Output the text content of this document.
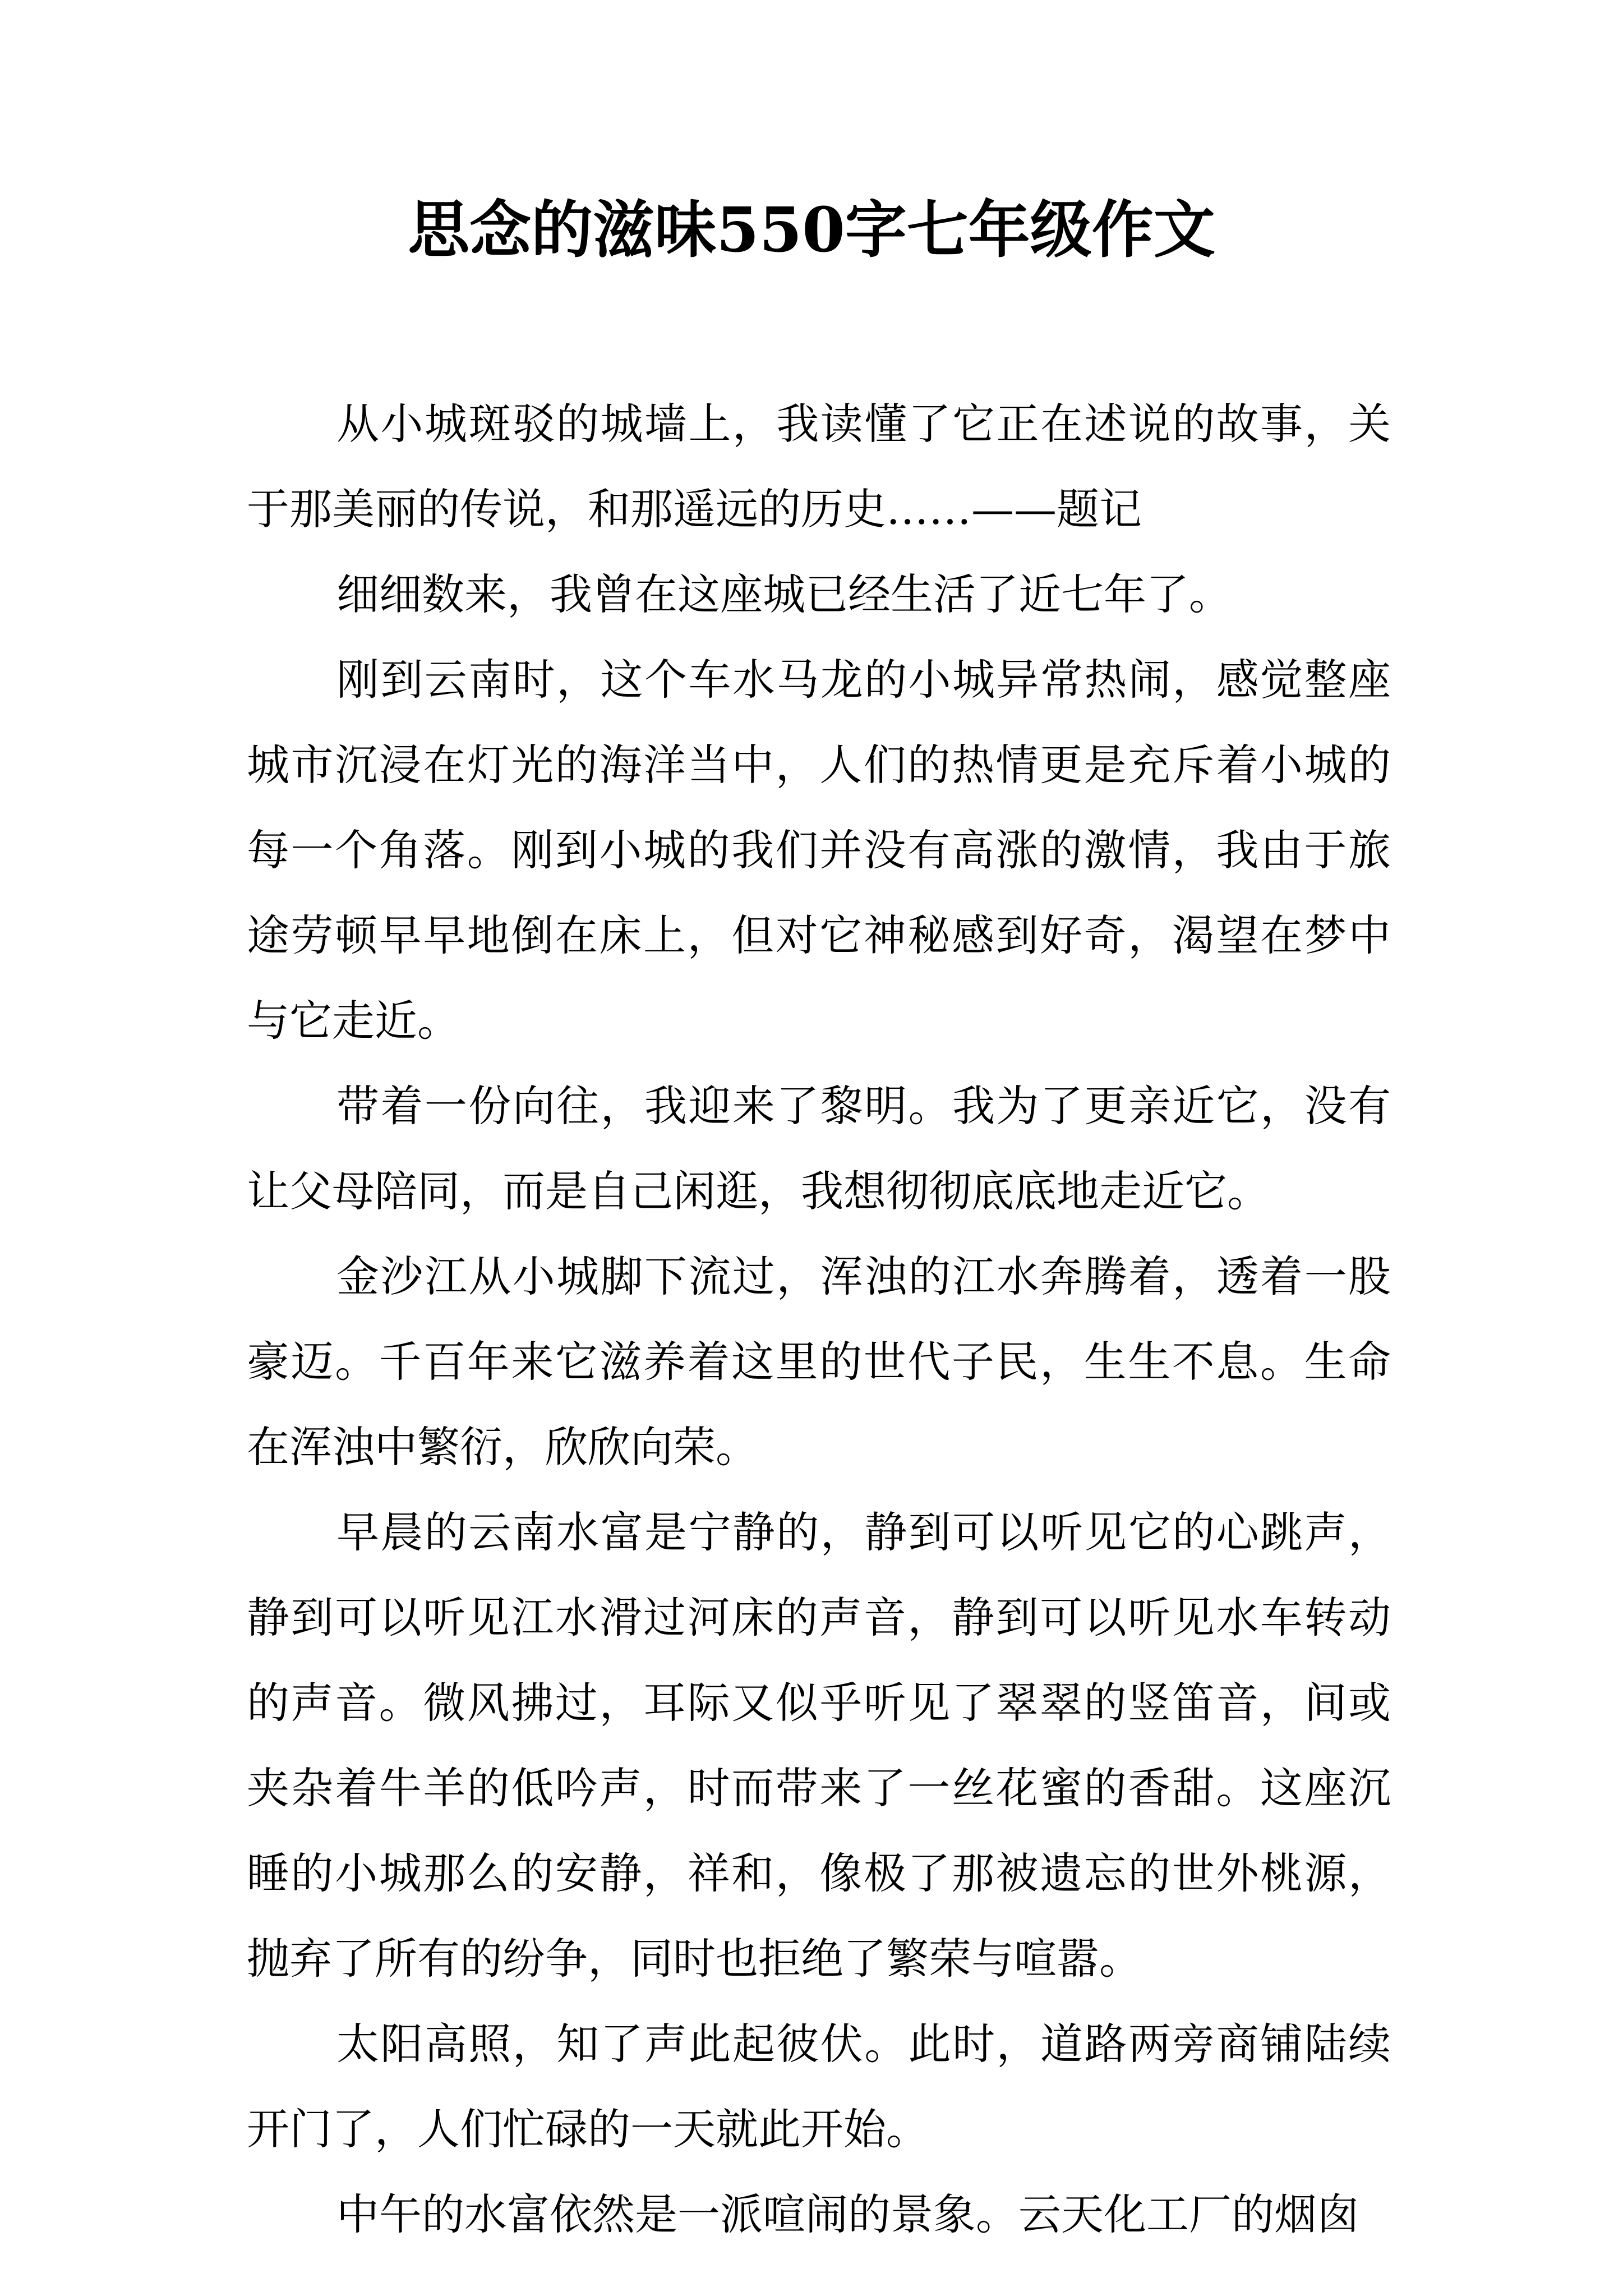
思念的滋味550字七年级作文

从小城斑驳的城墙上，我读懂了它正在述说的故事，关于那美丽的传说，和那遥远的历史……——题记

细细数来，我曾在这座城已经生活了近七年了。

刚到云南时，这个车水马龙的小城异常热闹，感觉整座城市沉浸在灯光的海洋当中，人们的热情更是充斥着小城的每一个角落。刚到小城的我们并没有高涨的激情，我由于旅途劳顿早早地倒在床上，但对它神秘感到好奇，渴望在梦中与它走近。

带着一份向往，我迎来了黎明。我为了更亲近它，没有让父母陪同，而是自己闲逛，我想彻彻底底地走近它。

金沙江从小城脚下流过，浑浊的江水奔腾着，透着一股豪迈。千百年来它滋养着这里的世代子民，生生不息。生命在浑浊中繁衍，欣欣向荣。

早晨的云南水富是宁静的，静到可以听见它的心跳声，静到可以听见江水滑过河床的声音，静到可以听见水车转动的声音。微风拂过，耳际又似乎听见了翠翠的竖笛音，间或夹杂着牛羊的低吟声，时而带来了一丝花蜜的香甜。这座沉睡的小城那么的安静，祥和，像极了那被遗忘的世外桃源，抛弃了所有的纷争，同时也拒绝了繁荣与喧嚣。

太阳高照，知了声此起彼伏。此时，道路两旁商铺陆续开门了，人们忙碌的一天就此开始。

中午的水富依然是一派喧闹的景象。云天化工厂的烟囱
